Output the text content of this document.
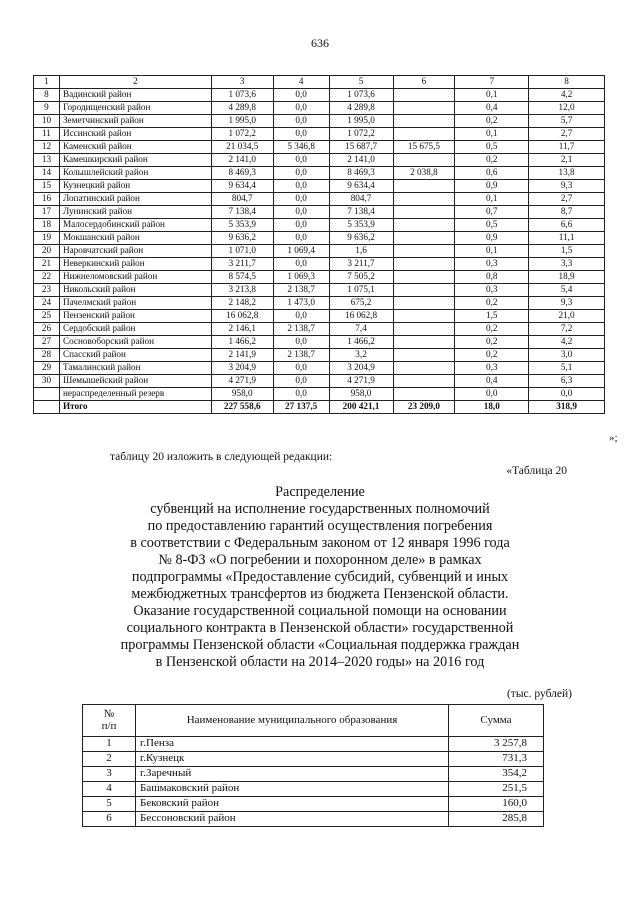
636
1	2	3	4	5	6	7	8
8	Вадинский район	1 073,6	0,0	1 073,6		0,1	4,2
9	Городищенский район	4 289,8	0,0	4 289,8		0,4	12,0
10	Земетчинский район	1 995,0	0,0	1 995,0		0,2	5,7
11	Иссинский район	1 072,2	0,0	1 072,2		0,1	2,7
12	Каменский район	21 034,5	5 346,8	15 687,7	15 675,5	0,5	11,7
13	Камешкирский район	2 141,0	0,0	2 141,0		0,2	2,1
14	Колышлейский район	8 469,3	0,0	8 469,3	2 038,8	0,6	13,8
15	Кузнецкий район	9 634,4	0,0	9 634,4		0,9	9,3
16	Лопатинский район	804,7	0,0	804,7		0,1	2,7
17	Лунинский район	7 138,4	0,0	7 138,4		0,7	8,7
18	Малосердобинский район	5 353,9	0,0	5 353,9		0,5	6,6
19	Мокшанский район	9 636,2	0,0	9 636,2		0,9	11,1
20	Наровчатский район	1 071,0	1 069,4	1,6		0,1	1,5
21	Неверкинский район	3 211,7	0,0	3 211,7		0,3	3,3
22	Нижнеломовский район	8 574,5	1 069,3	7 505,2		0,8	18,9
23	Никольский район	3 213,8	2 138,7	1 075,1		0,3	5,4
24	Пачелмский район	2 148,2	1 473,0	675,2		0,2	9,3
25	Пензенский район	16 062,8	0,0	16 062,8		1,5	21,0
26	Сердобский район	2 146,1	2 138,7	7,4		0,2	7,2
27	Сосновоборский район	1 466,2	0,0	1 466,2		0,2	4,2
28	Спасский район	2 141,9	2 138,7	3,2		0,2	3,0
29	Тамалинский район	3 204,9	0,0	3 204,9		0,3	5,1
30	Шемышейский район	4 271,9	0,0	4 271,9		0,4	6,3
	нераспределенный резерв	958,0	0,0	958,0		0,0	0,0
	Итого	227 558,6	27 137,5	200 421,1	23 209,0	18,0	318,9
»;
таблицу 20 изложить в следующей редакции:
«Таблица 20
Распределение
субвенций на исполнение государственных полномочий
по предоставлению гарантий осуществления погребения
в соответствии с Федеральным законом от 12 января 1996 года
№ 8-ФЗ «О погребении и похоронном деле» в рамках
подпрограммы «Предоставление субсидий, субвенций и иных
межбюджетных трансфертов из бюджета Пензенской области.
Оказание государственной социальной помощи на основании
социального контракта в Пензенской области» государственной
программы Пензенской области «Социальная поддержка граждан
в Пензенской области на 2014–2020 годы» на 2016 год
(тыс. рублей)
№
п/п	Наименование муниципального образования	Сумма
1	г.Пенза	3 257,8
2	г.Кузнецк	731,3
3	г.Заречный	354,2
4	Башмаковский район	251,5
5	Бековский район	160,0
6	Бессоновский район	285,8
